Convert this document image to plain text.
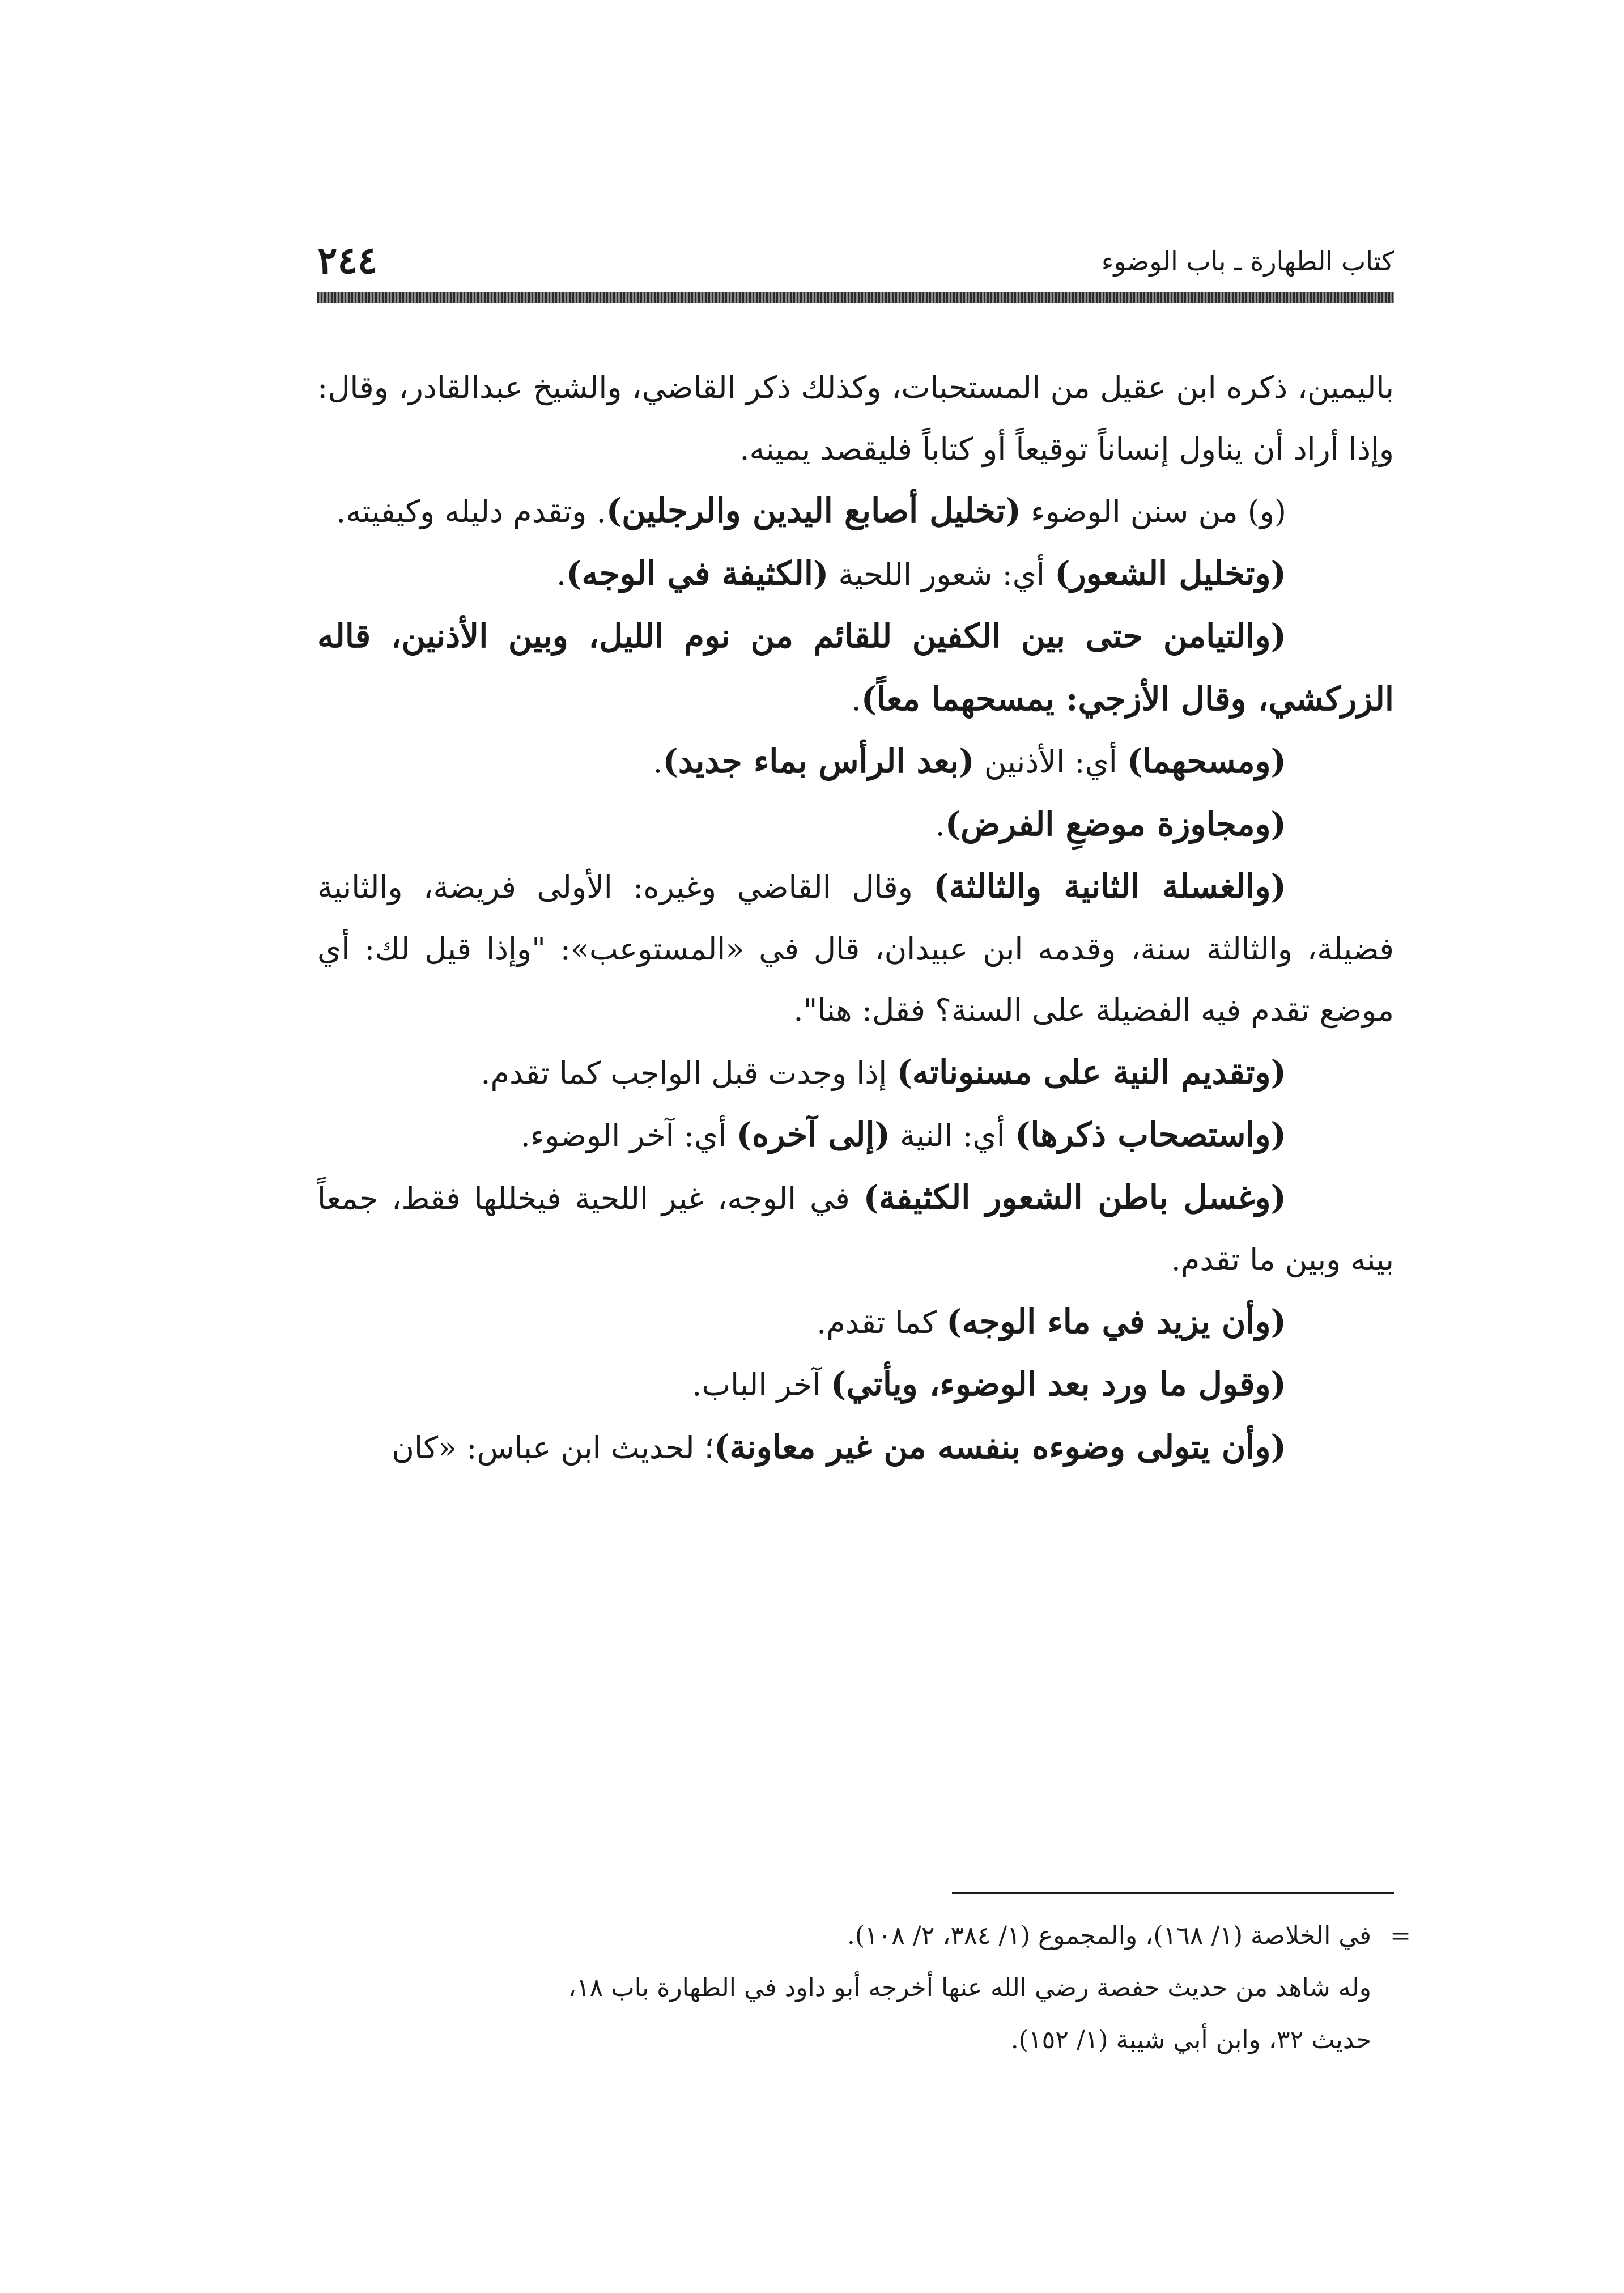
٢٤٤	كتاب الطهارة ـ باب الوضوء

باليمين، ذكره ابن عقيل من المستحبات، وكذلك ذكر القاضي، والشيخ عبدالقادر، وقال: وإذا أراد أن يناول إنساناً توقيعاً أو كتاباً فليقصد يمينه.

(و) من سنن الوضوء (تخليل أصابع اليدين والرجلين). وتقدم دليله وكيفيته.

(وتخليل الشعور) أي: شعور اللحية (الكثيفة في الوجه).

(والتيامن حتى بين الكفين للقائم من نوم الليل، وبين الأذنين، قاله الزركشي، وقال الأزجي: يمسحهما معاً).

(ومسحهما) أي: الأذنين (بعد الرأس بماء جديد).

(ومجاوزة موضعِ الفرض).

(والغسلة الثانية والثالثة) وقال القاضي وغيره: الأولى فريضة، والثانية فضيلة، والثالثة سنة، وقدمه ابن عبيدان، قال في «المستوعب»: "وإذا قيل لك: أي موضع تقدم فيه الفضيلة على السنة؟ فقل: هنا".

(وتقديم النية على مسنوناته) إذا وجدت قبل الواجب كما تقدم.

(واستصحاب ذكرها) أي: النية (إلى آخره) أي: آخر الوضوء.

(وغسل باطن الشعور الكثيفة) في الوجه، غير اللحية فيخللها فقط، جمعاً بينه وبين ما تقدم.

(وأن يزيد في ماء الوجه) كما تقدم.

(وقول ما ورد بعد الوضوء، ويأتي) آخر الباب.

(وأن يتولى وضوءه بنفسه من غير معاونة)؛ لحديث ابن عباس: «كان

=
في الخلاصة (١/ ١٦٨)، والمجموع (١/ ٣٨٤، ٢/ ١٠٨).

وله شاهد من حديث حفصة رضي الله عنها أخرجه أبو داود في الطهارة باب ١٨، حديث ٣٢، وابن أبي شيبة (١/ ١٥٢).
